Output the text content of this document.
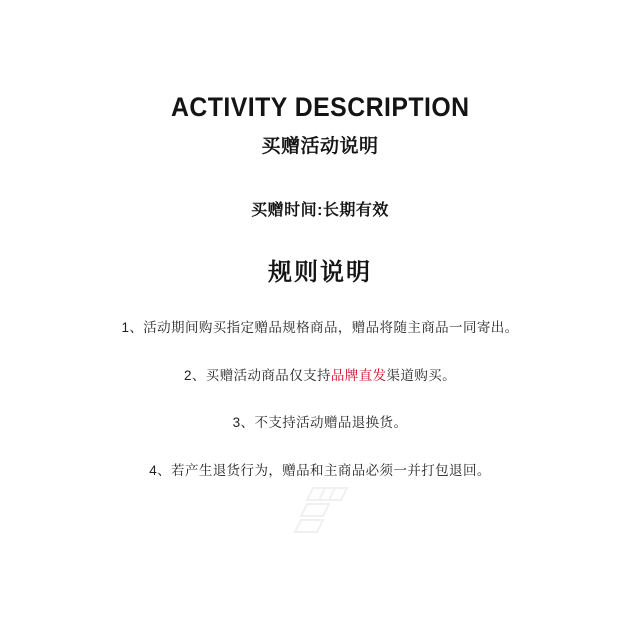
ACTIVITY DESCRIPTION
买赠活动说明
买赠时间:长期有效
规则说明
1、活动期间购买指定赠品规格商品，赠品将随主商品一同寄出。
2、买赠活动商品仅支持品牌直发渠道购买。
3、不支持活动赠品退换货。
4、若产生退货行为，赠品和主商品必须一并打包退回。
